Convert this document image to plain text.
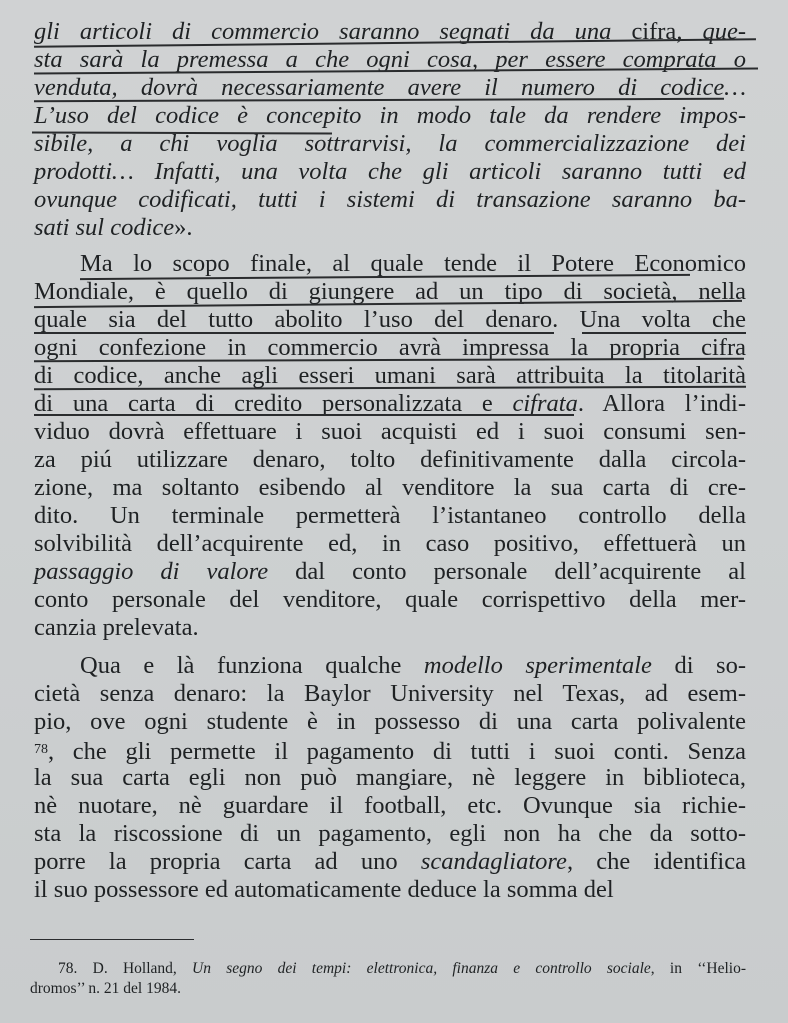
gli articoli di commercio saranno segnati da una cifra, que-
sta sarà la premessa a che ogni cosa, per essere comprata o
venduta, dovrà necessariamente avere il numero di codice…
L’uso del codice è concepito in modo tale da rendere impos-
sibile, a chi voglia sottrarvisi, la commercializzazione dei
prodotti… Infatti, una volta che gli articoli saranno tutti ed
ovunque codificati, tutti i sistemi di transazione saranno ba-
sati sul codice».
Ma lo scopo finale, al quale tende il Potere Economico
Mondiale, è quello di giungere ad un tipo di società, nella
quale sia del tutto abolito l’uso del denaro. Una volta che
ogni confezione in commercio avrà impressa la propria cifra
di codice, anche agli esseri umani sarà attribuita la titolarità
di una carta di credito personalizzata e cifrata. Allora l’indi-
viduo dovrà effettuare i suoi acquisti ed i suoi consumi sen-
za piú utilizzare denaro, tolto definitivamente dalla circola-
zione, ma soltanto esibendo al venditore la sua carta di cre-
dito. Un terminale permetterà l’istantaneo controllo della
solvibilità dell’acquirente ed, in caso positivo, effettuerà un
passaggio di valore dal conto personale dell’acquirente al
conto personale del venditore, quale corrispettivo della mer-
canzia prelevata.
Qua e là funziona qualche modello sperimentale di so-
cietà senza denaro: la Baylor University nel Texas, ad esem-
pio, ove ogni studente è in possesso di una carta polivalente
$^{78}$, che gli permette il pagamento di tutti i suoi conti. Senza
la sua carta egli non può mangiare, nè leggere in biblioteca,
nè nuotare, nè guardare il football, etc. Ovunque sia richie-
sta la riscossione di un pagamento, egli non ha che da sotto-
porre la propria carta ad uno scandagliatore, che identifica
il suo possessore ed automaticamente deduce la somma del
78. D. Holland, Un segno dei tempi: elettronica, finanza e controllo sociale, in ‘‘Helio-
dromos’’ n. 21 del 1984.
